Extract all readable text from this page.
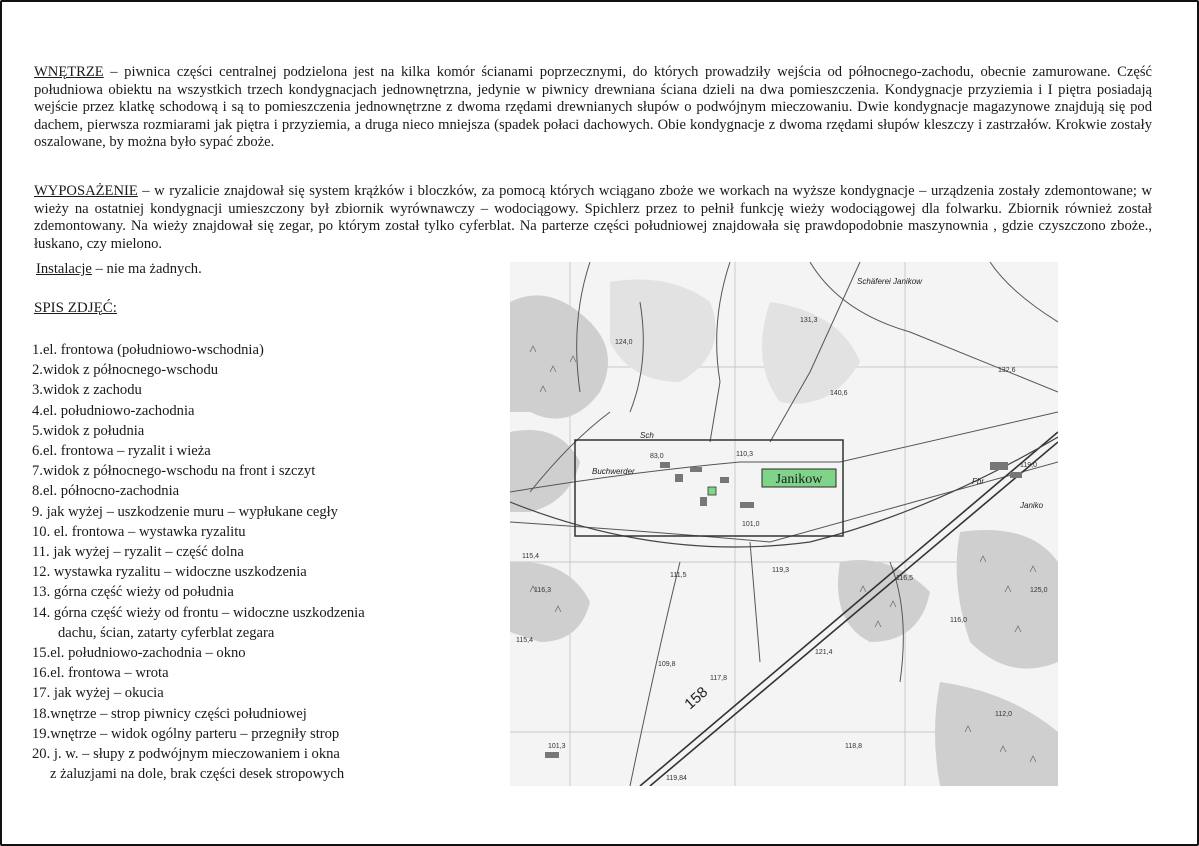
WNĘTRZE – piwnica części centralnej podzielona jest na kilka komór ścianami poprzecznymi, do których prowadziły wejścia od północnego-zachodu, obecnie zamurowane. Część południowa obiektu na wszystkich trzech kondygnacjach jednownętrzna, jedynie w piwnicy drewniana ściana dzieli na dwa pomieszczenia. Kondygnacje przyziemia i I piętra posiadają wejście przez klatkę schodową i są to pomieszczenia jednownętrzne z dwoma rzędami drewnianych słupów o podwójnym mieczowaniu. Dwie kondygnacje magazynowe znajdują się pod dachem, pierwsza rozmiarami jak piętra i przyziemia, a druga nieco mniejsza (spadek połaci dachowych. Obie kondygnacje z dwoma rzędami słupów kleszczy i zastrzałów. Krokwie zostały oszalowane, by można było sypać zboże.

WYPOSAŻENIE – w ryzalicie znajdował się system krążków i bloczków, za pomocą których wciągano zboże we workach na wyższe kondygnacje – urządzenia zostały zdemontowane; w wieży na ostatniej kondygnacji umieszczony był zbiornik wyrównawczy – wodociągowy. Spichlerz przez to pełnił funkcję wieży wodociągowej dla folwarku. Zbiornik również został zdemontowany. Na wieży znajdował się zegar, po którym został tylko cyferblat. Na parterze części południowej znajdowała się prawdopodobnie maszynownia , gdzie czyszczono zboże., łuskano, czy mielono.

Instalacje – nie ma żadnych.
SPIS ZDJĘĆ:
1.el. frontowa (południowo-wschodnia)
2.widok z północnego-wschodu
3.widok z zachodu
4.el. południowo-zachodnia
5.widok z południa
6.el. frontowa – ryzalit i wieża
7.widok z północnego-wschodu na front i szczyt
8.el. północno-zachodnia
9. jak wyżej – uszkodzenie muru – wypłukane cegły
10. el. frontowa – wystawka ryzalitu
11. jak wyżej – ryzalit – część dolna
12. wystawka ryzalitu – widoczne uszkodzenia
13. górna część wieży od południa
14. górna część wieży od frontu – widoczne uszkodzenia
dachu, ścian, zatarty cyferblat zegara
15.el. południowo-zachodnia – okno
16.el. frontowa – wrota
17. jak wyżej – okucia
18.wnętrze – strop piwnicy części południowej
19.wnętrze – widok ogólny parteru – przegniły strop
20. j. w. – słupy z podwójnym mieczowaniem i okna
z żaluzjami na dole, brak części desek stropowych
Janikow
158
Schäferei Janikow
Buchwerder
Janiko
Fbr
Sch
131,3
124,0
140,6
132,6
83,0	110,3
101,0
119,0
111,5
119,3
115,4
109,8
117,8
121,4
116,0
118,8
119,84
101,3
116,5
125,0
112,0
116,3
115,4
